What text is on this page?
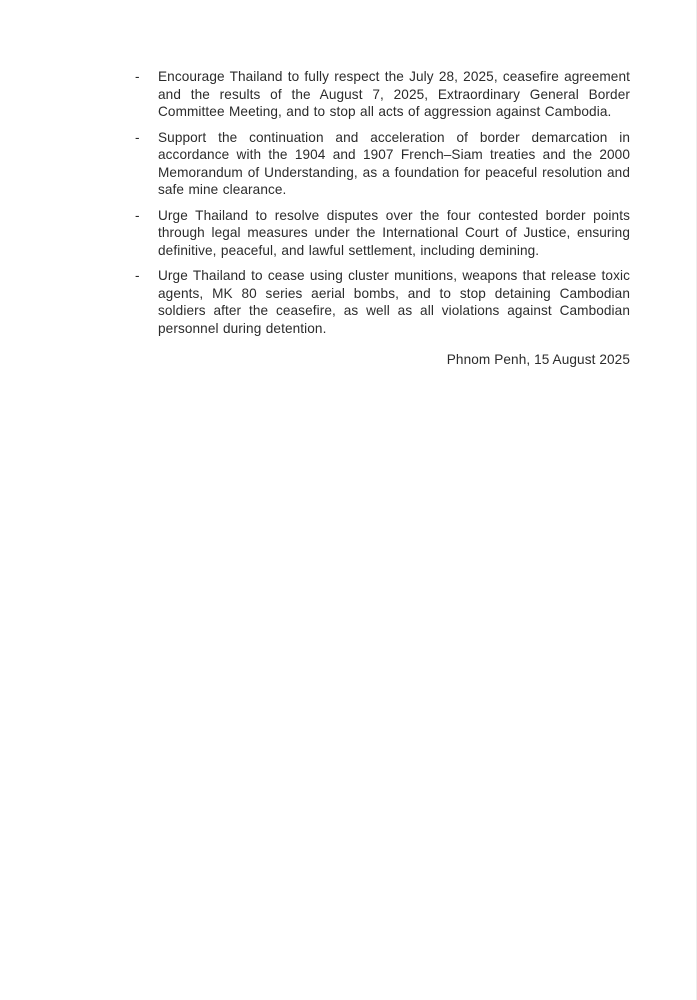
-	Encourage Thailand to fully respect the July 28, 2025, ceasefire agreement and the results of the August 7, 2025, Extraordinary General Border Committee Meeting, and to stop all acts of aggression against Cambodia.

-	Support the continuation and acceleration of border demarcation in accordance with the 1904 and 1907 French–Siam treaties and the 2000 Memorandum of Understanding, as a foundation for peaceful resolution and safe mine clearance.

-	Urge Thailand to resolve disputes over the four contested border points through legal measures under the International Court of Justice, ensuring definitive, peaceful, and lawful settlement, including demining.

-	Urge Thailand to cease using cluster munitions, weapons that release toxic agents, MK 80 series aerial bombs, and to stop detaining Cambodian soldiers after the ceasefire, as well as all violations against Cambodian personnel during detention.

Phnom Penh, 15 August 2025
